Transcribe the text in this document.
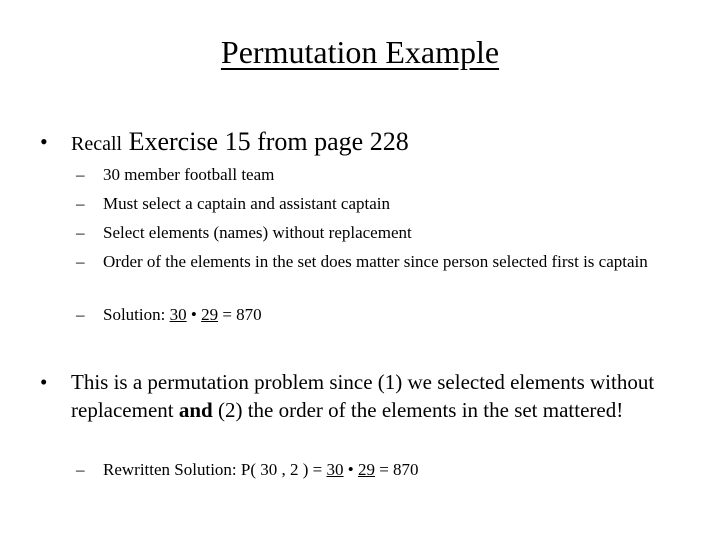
Permutation Example
• Recall Exercise 15 from page 228
– 30 member football team
– Must select a captain and assistant captain
– Select elements (names) without replacement
– Order of the elements in the set does matter since person selected first is captain
– Solution: 30 • 29 = 870
• This is a permutation problem since (1) we selected elements without replacement and (2) the order of the elements in the set mattered!
– Rewritten Solution: P( 30 , 2 ) = 30 • 29 = 870
